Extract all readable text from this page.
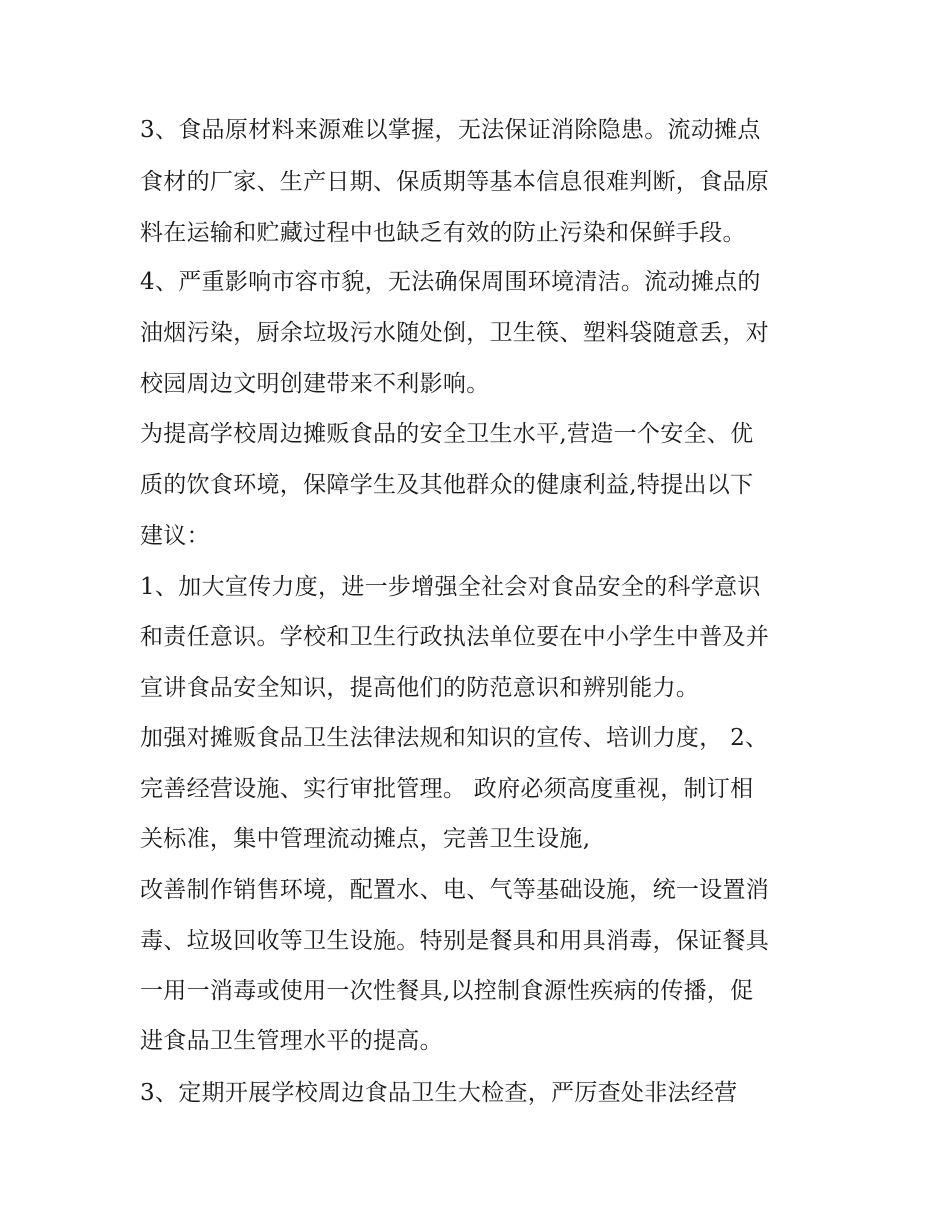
3、食品原材料来源难以掌握，无法保证消除隐患。流动摊点
食材的厂家、生产日期、保质期等基本信息很难判断，食品原
料在运输和贮藏过程中也缺乏有效的防止污染和保鲜手段。
4、严重影响市容市貌，无法确保周围环境清洁。流动摊点的
油烟污染，厨余垃圾污水随处倒，卫生筷、塑料袋随意丢，对
校园周边文明创建带来不利影响。
为提高学校周边摊贩食品的安全卫生水平,营造一个安全、优
质的饮食环境，保障学生及其他群众的健康利益,特提出以下
建议：
1、加大宣传力度，进一步增强全社会对食品安全的科学意识
和责任意识。学校和卫生行政执法单位要在中小学生中普及并
宣讲食品安全知识，提高他们的防范意识和辨别能力。
加强对摊贩食品卫生法律法规和知识的宣传、培训力度， 2、
完善经营设施、实行审批管理。 政府必须高度重视，制订相
关标准，集中管理流动摊点，完善卫生设施,
改善制作销售环境，配置水、电、气等基础设施，统一设置消
毒、垃圾回收等卫生设施。特别是餐具和用具消毒，保证餐具
一用一消毒或使用一次性餐具,以控制食源性疾病的传播，促
进食品卫生管理水平的提高。
3、定期开展学校周边食品卫生大检查，严厉查处非法经营
